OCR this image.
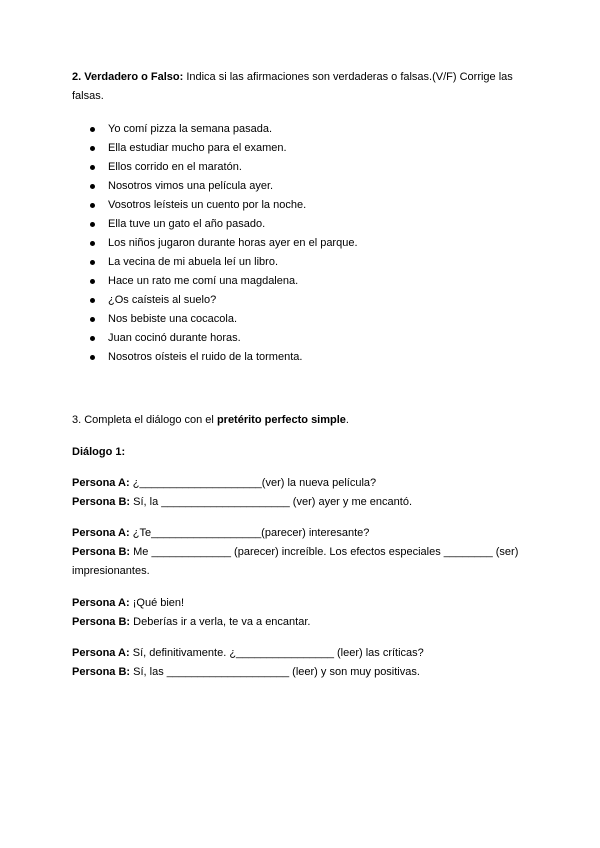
2. Verdadero o Falso: Indica si las afirmaciones son verdaderas o falsas.(V/F) Corrige las falsas.

Yo comí pizza la semana pasada.
Ella estudiar mucho para el examen.
Ellos corrido en el maratón.
Nosotros vimos una película ayer.
Vosotros leísteis un cuento por la noche.
Ella tuve un gato el año pasado.
Los niños jugaron durante horas ayer en el parque.
La vecina de mi abuela leí un libro.
Hace un rato me comí una magdalena.
¿Os caísteis al suelo?
Nos bebiste una cocacola.
Juan cocinó durante horas.
Nosotros oísteis el ruido de la tormenta.

3. Completa el diálogo con el pretérito perfecto simple.

Diálogo 1:

Persona A: ¿____________________(ver) la nueva película?
Persona B: Sí, la _____________________ (ver) ayer y me encantó.
Persona A: ¿Te__________________(parecer) interesante?
Persona B: Me _____________ (parecer) increíble. Los efectos especiales ________ (ser) impresionantes.
Persona A: ¡Qué bien!
Persona B: Deberías ir a verla, te va a encantar.
Persona A: Sí, definitivamente. ¿________________ (leer) las críticas?
Persona B: Sí, las ____________________ (leer) y son muy positivas.
